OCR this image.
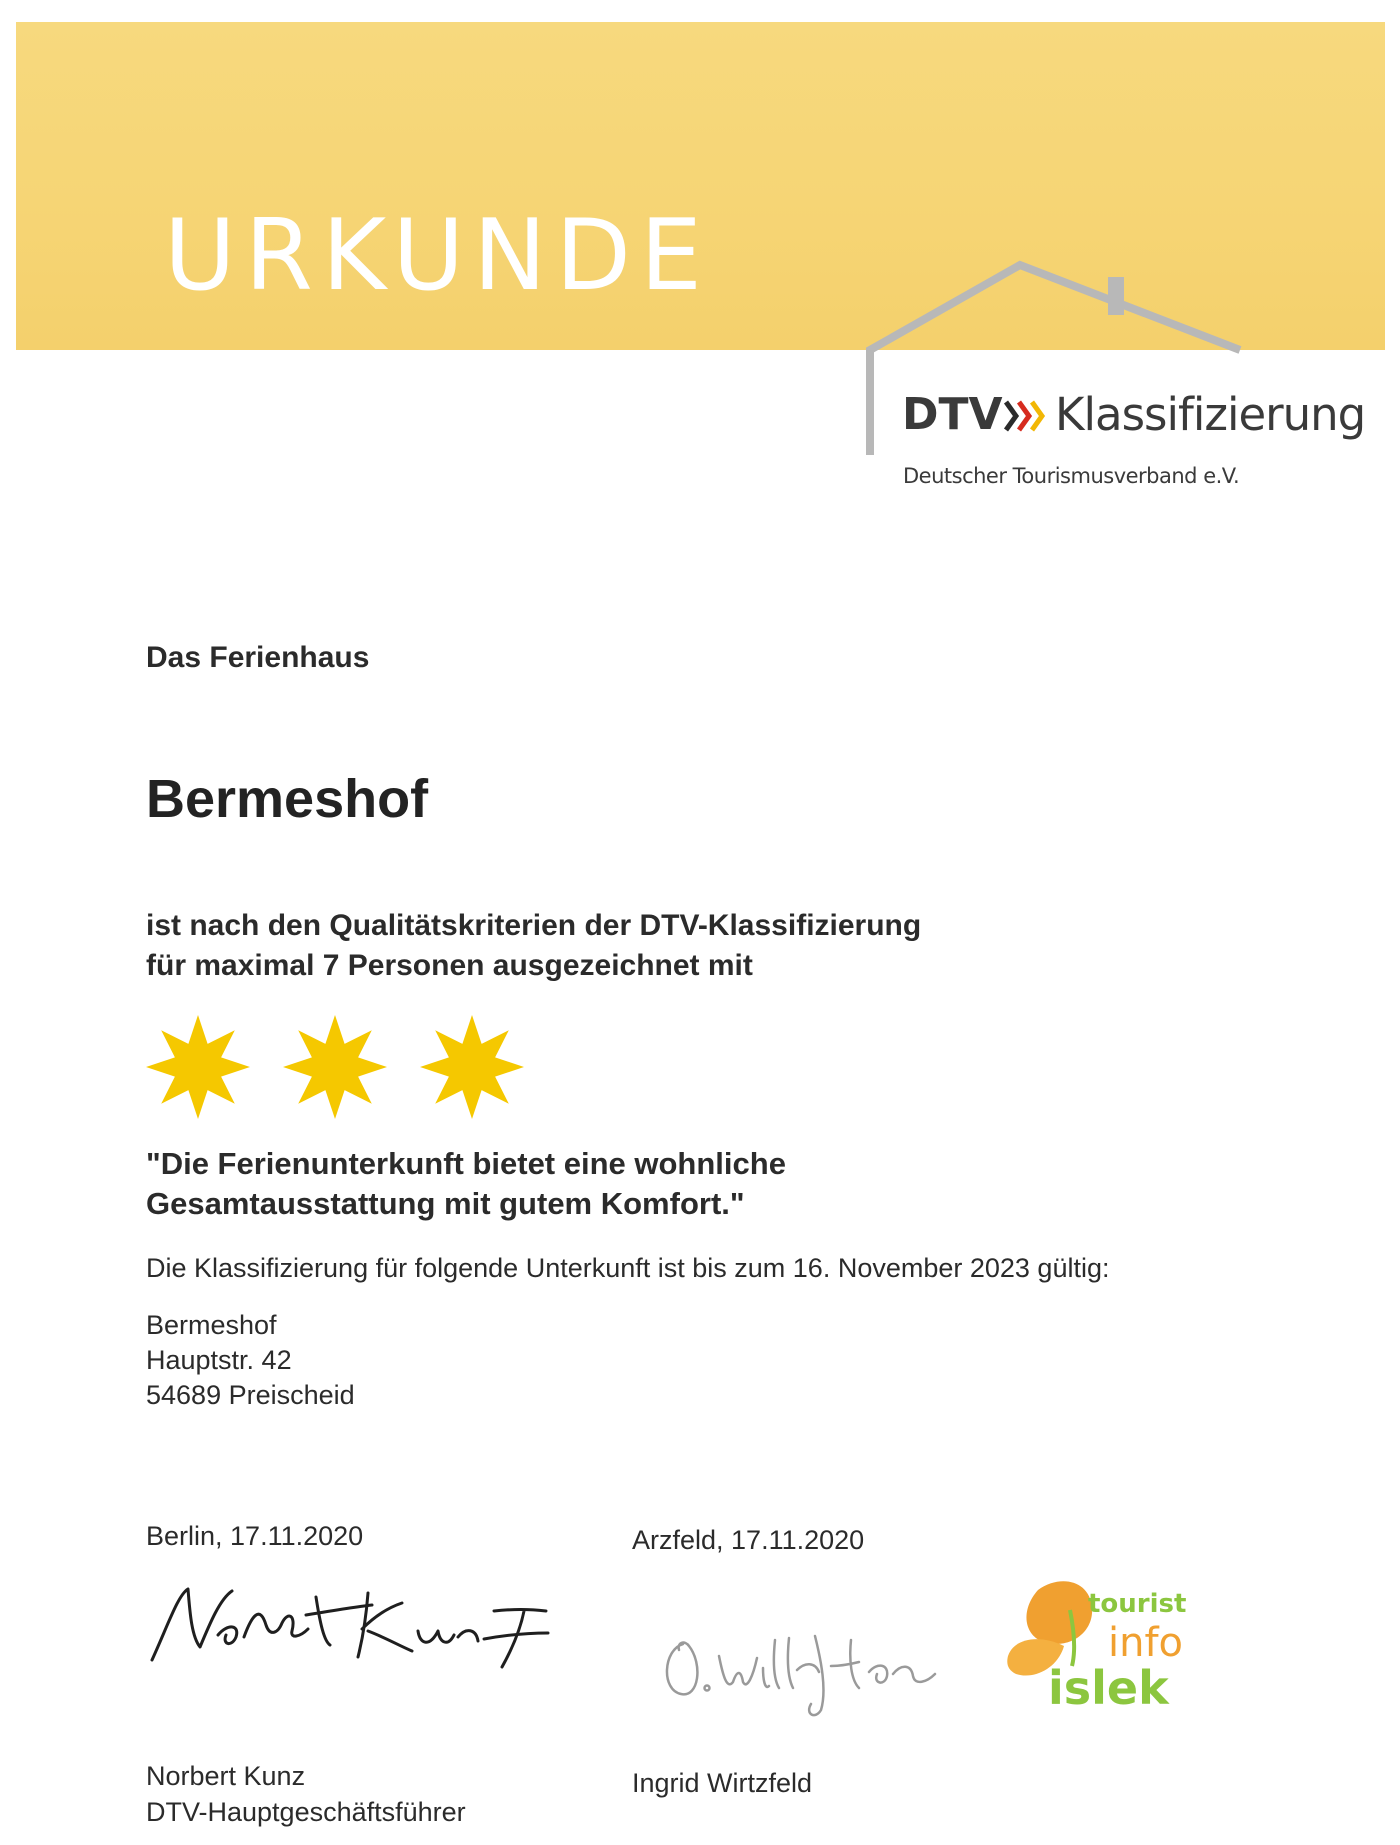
URKUNDE
DTV Klassifizierung
Deutscher Tourismusverband e.V.

Das Ferienhaus

Bermeshof

ist nach den Qualitätskriterien der DTV-Klassifizierung
für maximal 7 Personen ausgezeichnet mit

"Die Ferienunterkunft bietet eine wohnliche
Gesamtausstattung mit gutem Komfort."

Die Klassifizierung für folgende Unterkunft ist bis zum 16. November 2023 gültig:

Bermeshof
Hauptstr. 42
54689 Preischeid

Berlin, 17.11.2020	Arzfeld, 17.11.2020

Norbert Kunz
DTV-Hauptgeschäftsführer

Ingrid Wirtzfeld

tourist
info
islek
